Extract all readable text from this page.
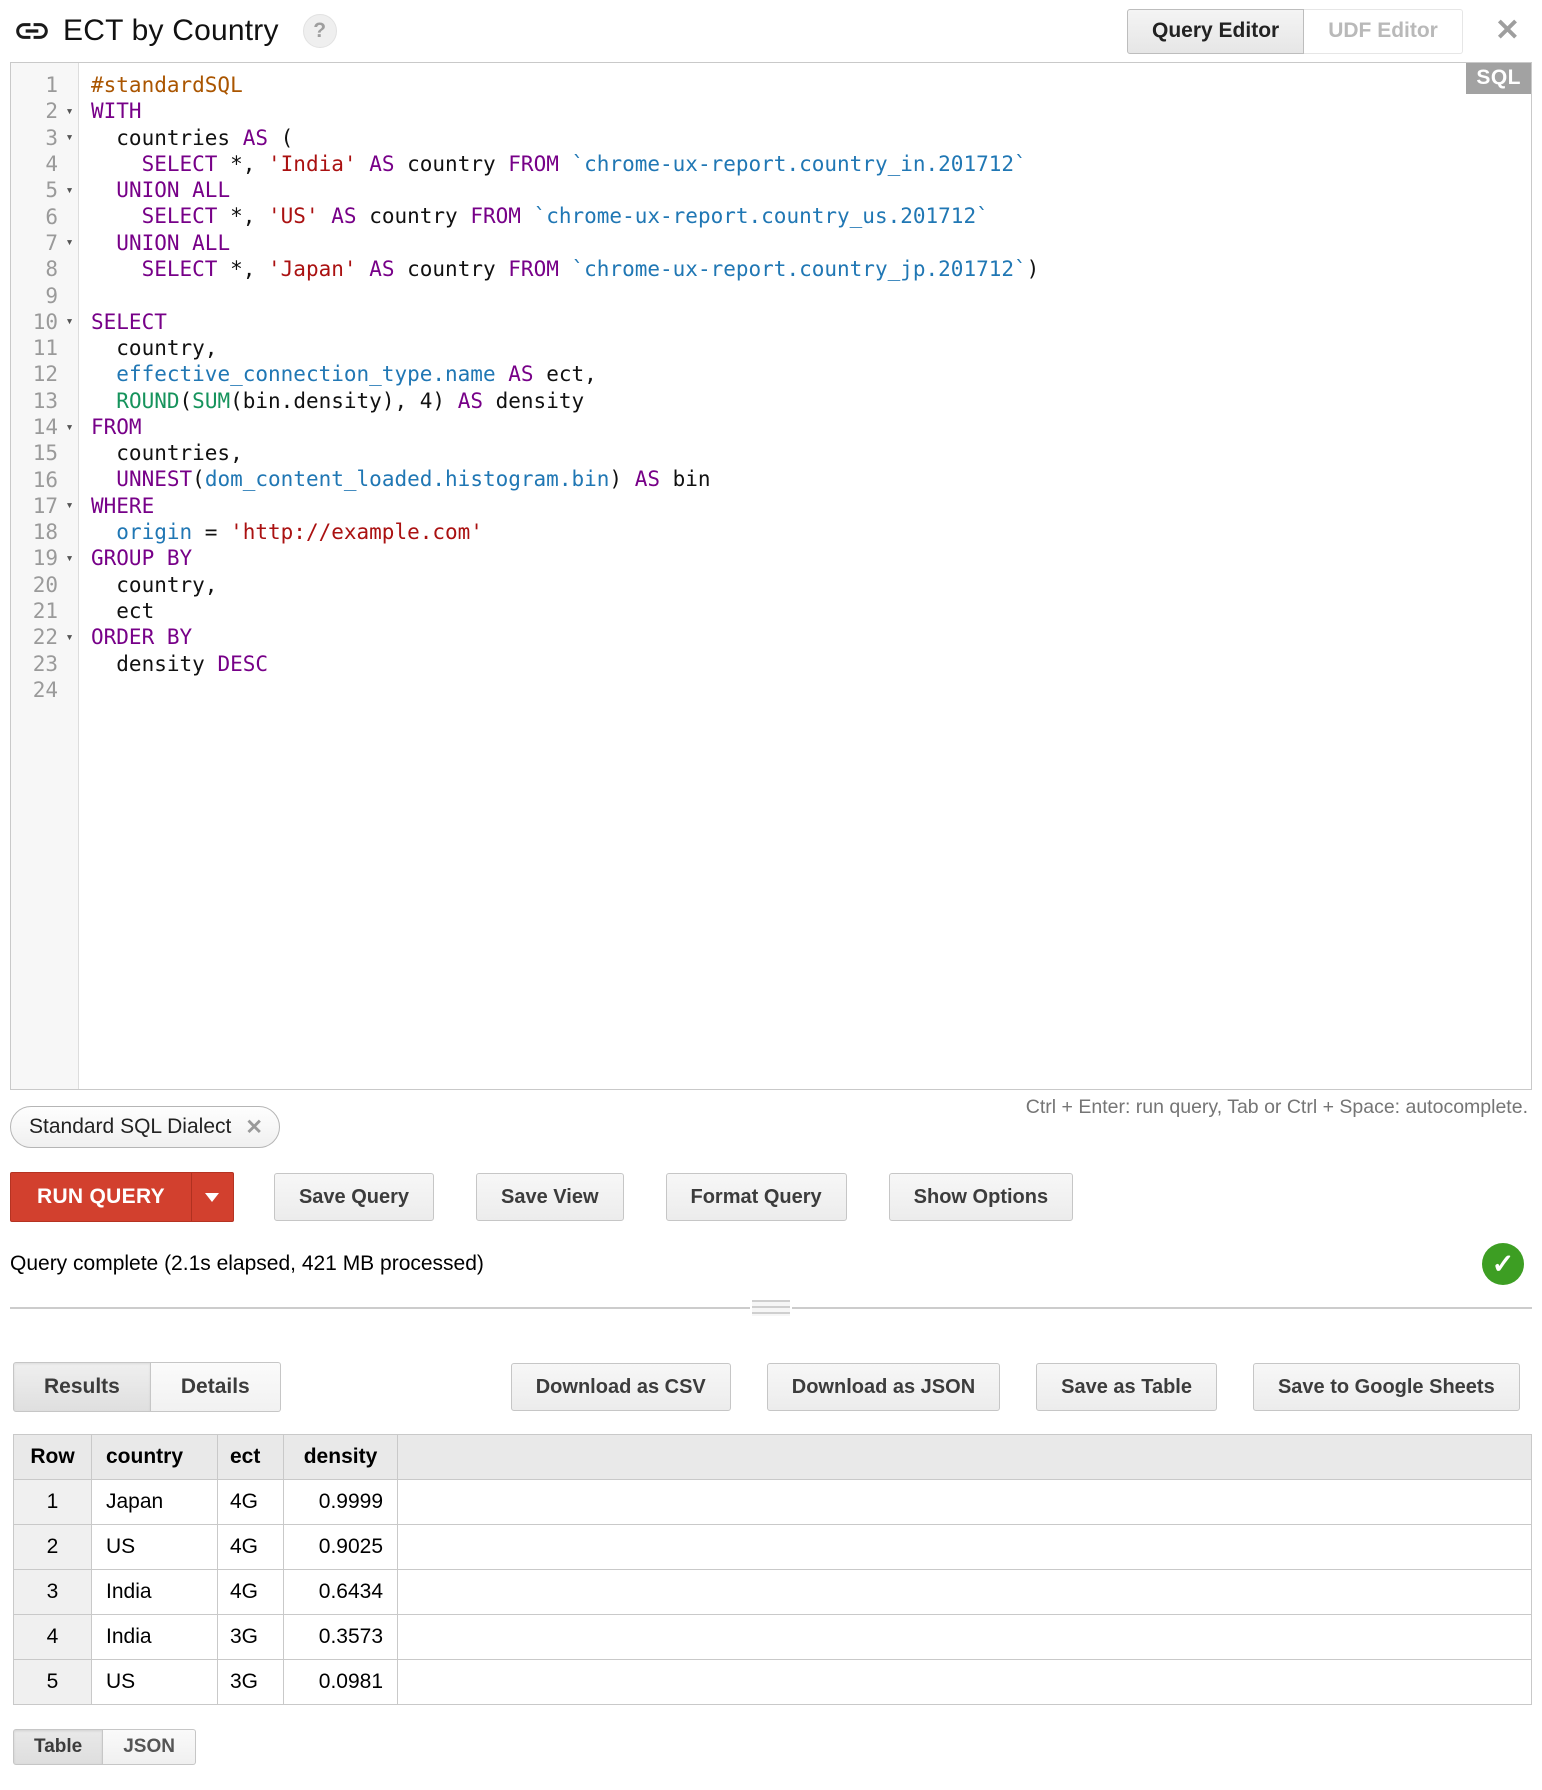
ECT by Country	?	Query Editor	UDF Editor	✕
1
2 ▾
3 ▾
4
5 ▾
6
7 ▾
8
9
10 ▾
11
12
13
14 ▾
15
16
17 ▾
18
19 ▾
20
21
22 ▾
23
24
#standardSQL
WITH
countries AS (
SELECT *, 'India' AS country FROM `chrome-ux-report.country_in.201712`
UNION ALL
SELECT *, 'US' AS country FROM `chrome-ux-report.country_us.201712`
UNION ALL
SELECT *, 'Japan' AS country FROM `chrome-ux-report.country_jp.201712`)

SELECT
country,
effective_connection_type.name AS ect,
ROUND(SUM(bin.density), 4) AS density
FROM
countries,
UNNEST(dom_content_loaded.histogram.bin) AS bin
WHERE
origin = 'http://example.com'
GROUP BY
country,
ect
ORDER BY
density DESC

SQL
Ctrl + Enter: run query, Tab or Ctrl + Space: autocomplete.
Standard SQL Dialect ✕
RUN QUERY	Save Query	Save View	Format Query	Show Options
Query complete (2.1s elapsed, 421 MB processed)	✓
Results	Details	Download as CSV	Download as JSON	Save as Table	Save to Google Sheets
Row	country	ect	density	
1	Japan	4G	0.9999	
2	US	4G	0.9025	
3	India	4G	0.6434	
4	India	3G	0.3573	
5	US	3G	0.0981	
Table	JSON
